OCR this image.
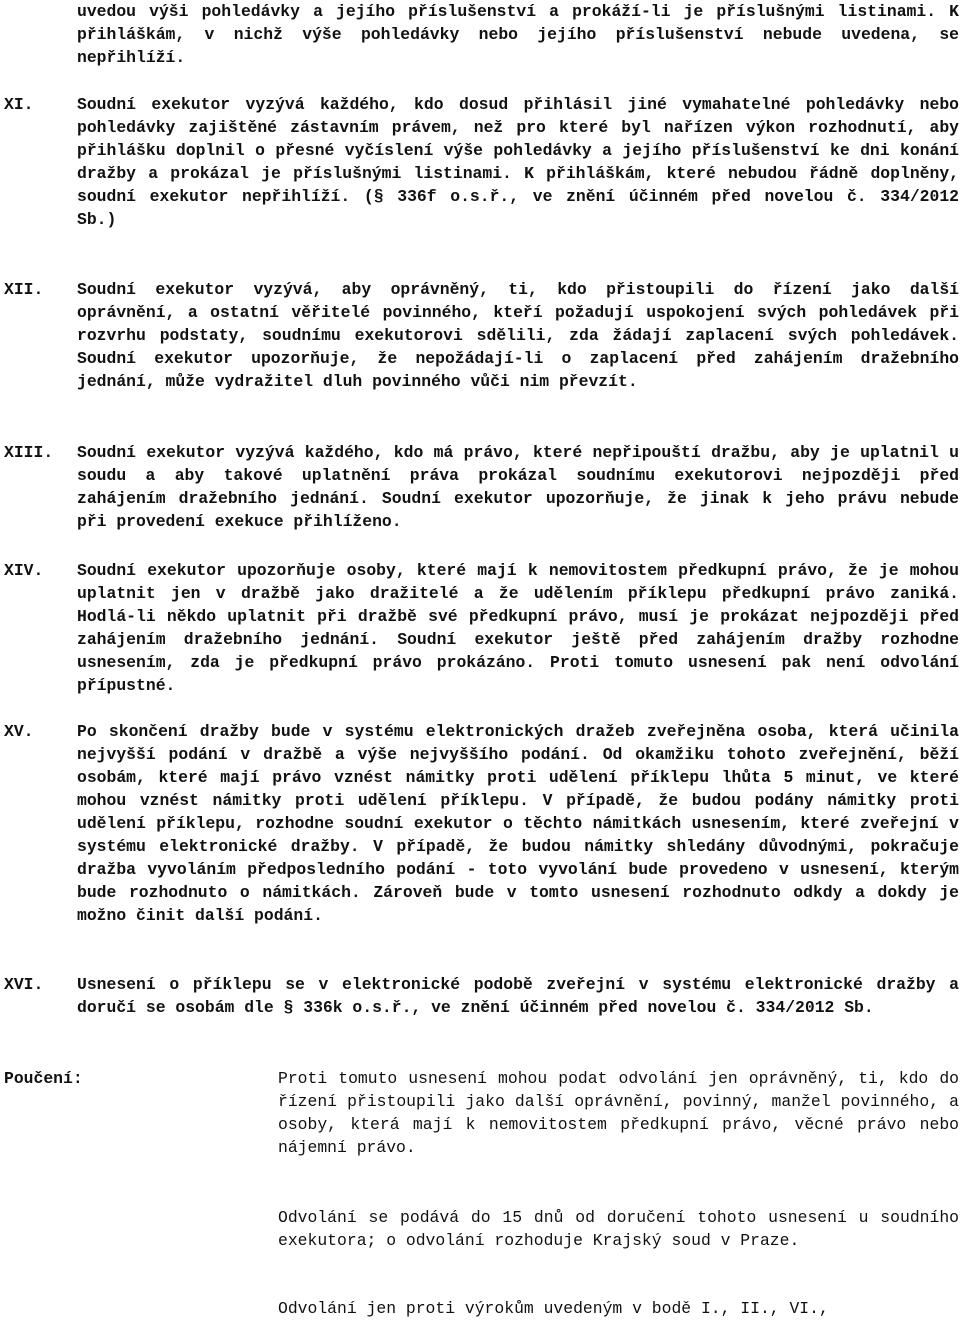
uvedou výši pohledávky a jejího příslušenství a prokáží-li je příslušnými listinami. K přihláškám, v nichž výše pohledávky nebo jejího příslušenství nebude uvedena, se nepřihlíží.

XI.	Soudní exekutor vyzývá každého, kdo dosud přihlásil jiné vymahatelné pohledávky nebo pohledávky zajištěné zástavním právem, než pro které byl nařízen výkon rozhodnutí, aby přihlášku doplnil o přesné vyčíslení výše pohledávky a jejího příslušenství ke dni konání dražby a prokázal je příslušnými listinami. K přihláškám, které nebudou řádně doplněny, soudní exekutor nepřihlíží. (§ 336f o.s.ř., ve znění účinném před novelou č. 334/2012 Sb.)

XII. Soudní exekutor vyzývá, aby oprávněný, ti, kdo přistoupili do řízení jako další oprávnění, a ostatní věřitelé povinného, kteří požadují uspokojení svých pohledávek při rozvrhu podstaty, soudnímu exekutorovi sdělili, zda žádají zaplacení svých pohledávek. Soudní exekutor upozorňuje, že nepožádají-li o zaplacení před zahájením dražebního jednání, může vydražitel dluh povinného vůči nim převzít.

XIII. Soudní exekutor vyzývá každého, kdo má právo, které nepřipouští dražbu, aby je uplatnil u soudu a aby takové uplatnění práva prokázal soudnímu exekutorovi nejpozději před zahájením dražebního jednání. Soudní exekutor upozorňuje, že jinak k jeho právu nebude při provedení exekuce přihlíženo.

XIV. Soudní exekutor upozorňuje osoby, které mají k nemovitostem předkupní právo, že je mohou uplatnit jen v dražbě jako dražitelé a že udělením příklepu předkupní právo zaniká. Hodlá-li někdo uplatnit při dražbě své předkupní právo, musí je prokázat nejpozději před zahájením dražebního jednání. Soudní exekutor ještě před zahájením dražby rozhodne usnesením, zda je předkupní právo prokázáno. Proti tomuto usnesení pak není odvolání přípustné.

XV.	Po skončení dražby bude v systému elektronických dražeb zveřejněna osoba, která učinila nejvyšší podání v dražbě a výše nejvyššího podání. Od okamžiku tohoto zveřejnění, běží osobám, které mají právo vznést námitky proti udělení příklepu lhůta 5 minut, ve které mohou vznést námitky proti udělení příklepu. V případě, že budou podány námitky proti udělení příklepu, rozhodne soudní exekutor o těchto námitkách usnesením, které zveřejní v systému elektronické dražby. V případě, že budou námitky shledány důvodnými, pokračuje dražba vyvoláním předposledního podání - toto vyvolání bude provedeno v usnesení, kterým bude rozhodnuto o námitkách. Zároveň bude v tomto usnesení rozhodnuto odkdy a dokdy je možno činit další podání.

XVI. Usnesení o příklepu se v elektronické podobě zveřejní v systému elektronické dražby a doručí se osobám dle § 336k o.s.ř., ve znění účinném před novelou č. 334/2012 Sb.

Poučení:	Proti tomuto usnesení mohou podat odvolání jen oprávněný, ti, kdo do řízení přistoupili jako další oprávnění, povinný, manžel povinného, a osoby, která mají k nemovitostem předkupní právo, věcné právo nebo nájemní právo.

Odvolání se podává do 15 dnů od doručení tohoto usnesení u soudního exekutora; o odvolání rozhoduje Krajský soud v Praze.

Odvolání jen proti výrokům uvedeným v bodě I., II., VI.,
